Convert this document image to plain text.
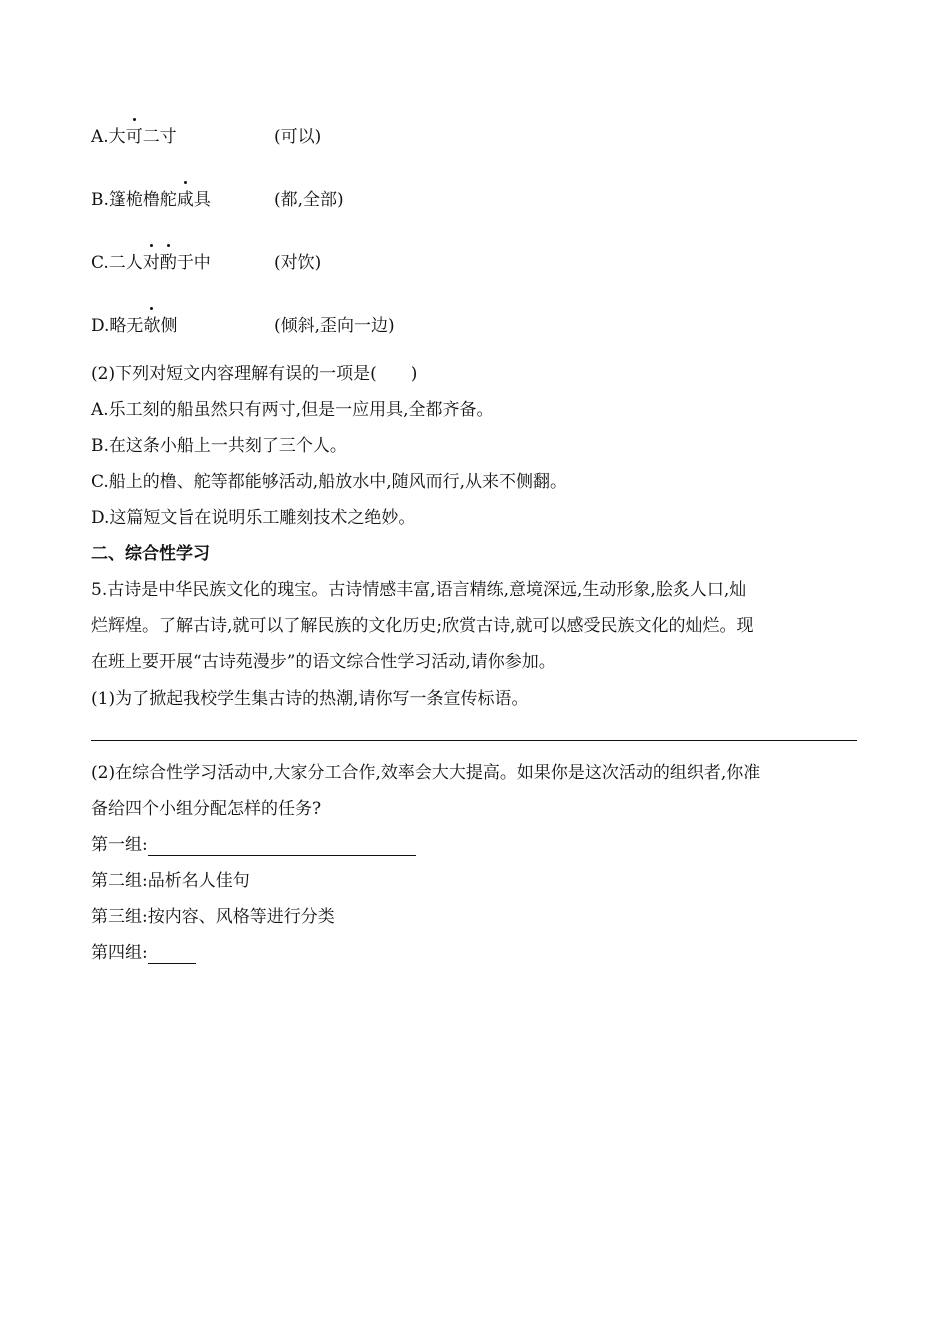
A.大可二寸	(可以)
B.篷桅橹舵咸具	(都,全部)
C.二人对酌于中	(对饮)
D.略无欹侧	(倾斜,歪向一边)
(2)下列对短文内容理解有误的一项是(　　)
A.乐工刻的船虽然只有两寸,但是一应用具,全都齐备。
B.在这条小船上一共刻了三个人。
C.船上的橹、舵等都能够活动,船放水中,随风而行,从来不侧翻。
D.这篇短文旨在说明乐工雕刻技术之绝妙。
二、综合性学习
5.古诗是中华民族文化的瑰宝。古诗情感丰富,语言精练,意境深远,生动形象,脍炙人口,灿
烂辉煌。了解古诗,就可以了解民族的文化历史;欣赏古诗,就可以感受民族文化的灿烂。现
在班上要开展“古诗苑漫步”的语文综合性学习活动,请你参加。
(1)为了掀起我校学生集古诗的热潮,请你写一条宣传标语。
(2)在综合性学习活动中,大家分工合作,效率会大大提高。如果你是这次活动的组织者,你准
备给四个小组分配怎样的任务?
第一组:
第二组:品析名人佳句
第三组:按内容、风格等进行分类
第四组:
